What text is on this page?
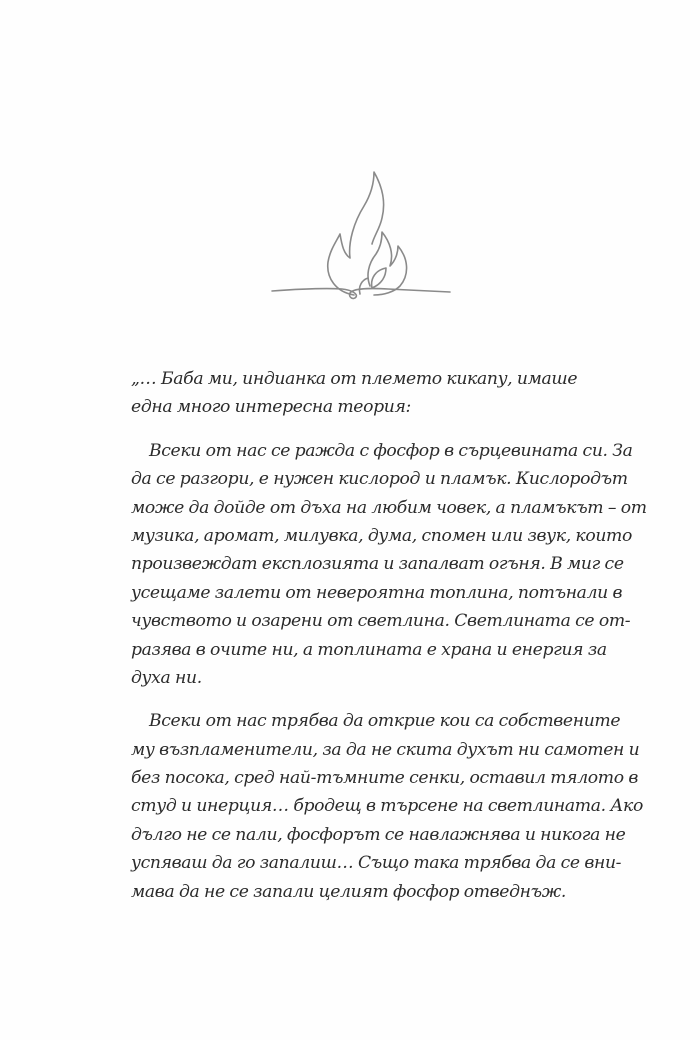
„… Баба ми, индианка от племето кикапу, имаше
една много интересна теория:

Всеки от нас се ражда с фосфор в сърцевината си. За
да се разгори, е нужен кислород и пламък. Кислородът
може да дойде от дъха на любим човек, а пламъкът – от
музика, аромат, милувка, дума, спомен или звук, които
произвеждат експлозията и запалват огъня. В миг се
усещаме залети от невероятна топлина, потънали в
чувството и озарени от светлина. Светлината се от-
разява в очите ни, а топлината е храна и енергия за
духа ни.

Всеки от нас трябва да открие кои са собствените
му възпламенители, за да не скита духът ни самотен и
без посока, сред най-тъмните сенки, оставил тялото в
студ и инерция… бродещ в търсене на светлината. Ако
дълго не се пали, фосфорът се навлажнява и никога не
успяваш да го запалиш… Също така трябва да се вни-
мава да не се запали целият фосфор отведнъж.
